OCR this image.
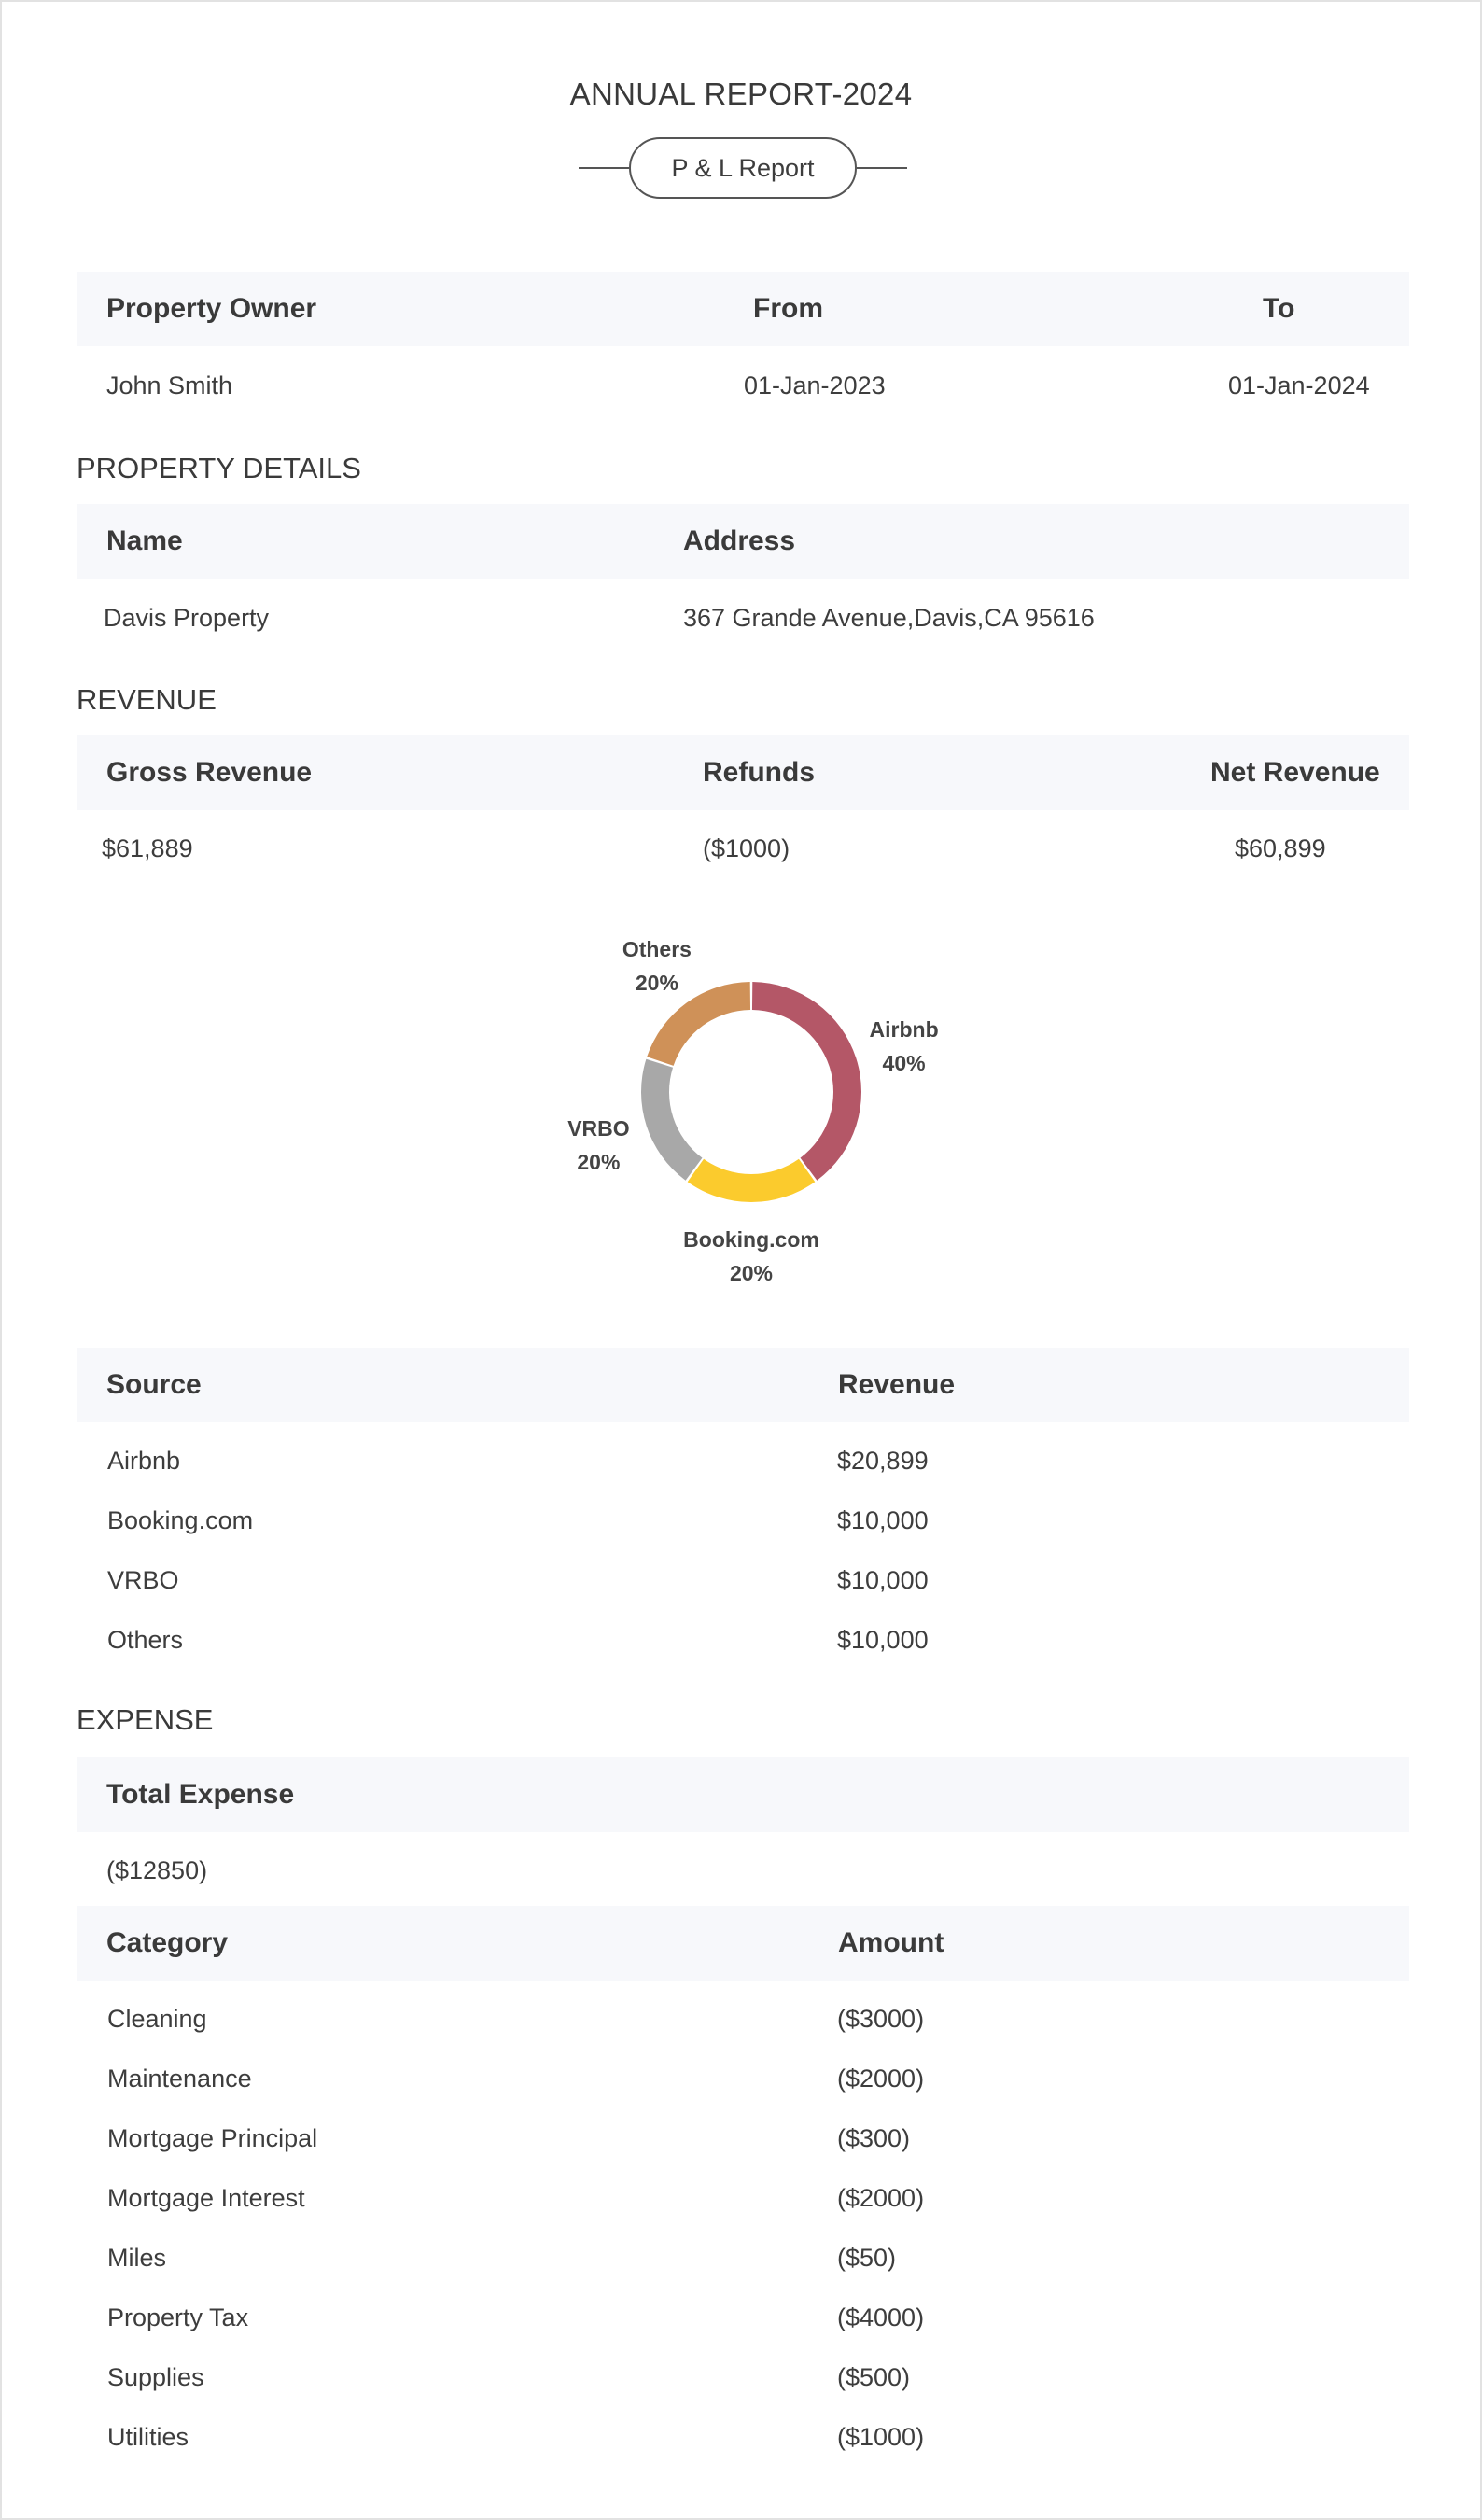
ANNUAL REPORT-2024
P & L Report
Property Owner	From	To
John Smith	01-Jan-2023	01-Jan-2024
PROPERTY DETAILS
Name	Address
Davis Property	367 Grande Avenue,Davis,CA 95616
REVENUE
Gross Revenue	Refunds	Net Revenue
$61,889	($1000)	$60,899
Airbnb
40%
Booking.com
20%
VRBO
20%
Others
20%
Source	Revenue
Airbnb	$20,899
Booking.com	$10,000
VRBO	$10,000
Others	$10,000
EXPENSE
Total Expense
($12850)
Category	Amount
Cleaning	($3000)
Maintenance	($2000)
Mortgage Principal	($300)
Mortgage Interest	($2000)
Miles	($50)
Property Tax	($4000)
Supplies	($500)
Utilities	($1000)
